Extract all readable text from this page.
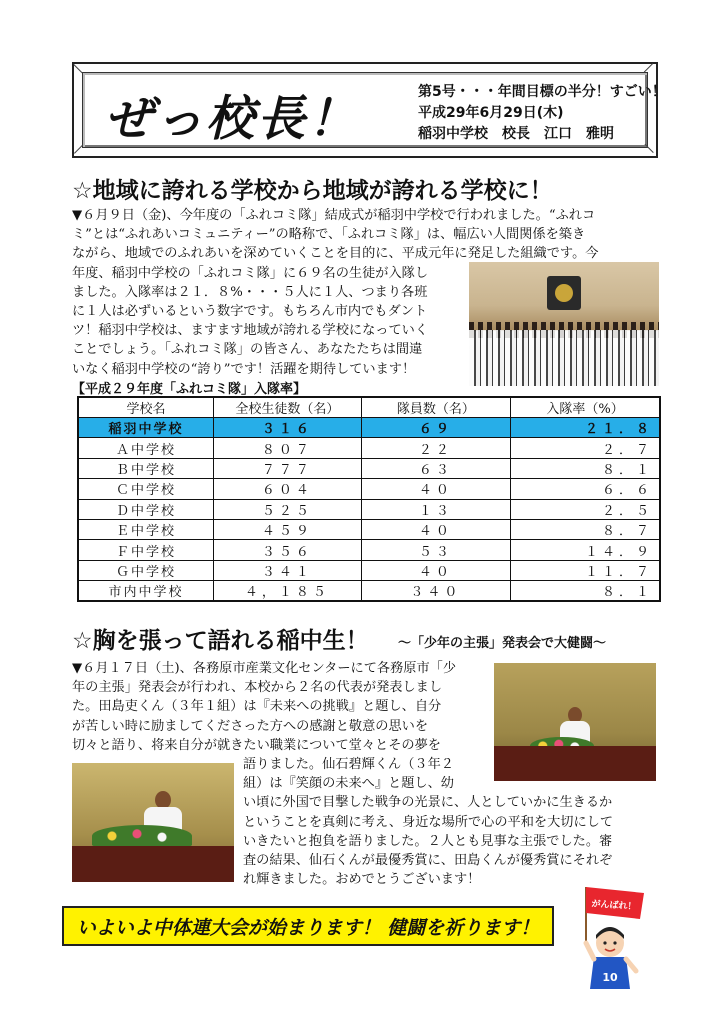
ぜっ校長！	第5号・・・年間目標の半分！すごい！
平成29年6月29日(木)
稲羽中学校　校長　江口　雅明
☆地域に誇れる学校から地域が誇れる学校に！
▼６月９日（金)、今年度の「ふれコミ隊」結成式が稲羽中学校で行われました。“ふれコ
ミ”とは“ふれあいコミュニティー”の略称で、「ふれコミ隊」は、幅広い人間関係を築き
ながら、地域でのふれあいを深めていくことを目的に、平成元年に発足した組織です。今
年度、稲羽中学校の「ふれコミ隊」に６９名の生徒が入隊し
ました。入隊率は２１．８%・・・５人に１人、つまり各班
に１人は必ずいるという数字です。もちろん市内でもダント
ツ！稲羽中学校は、ますます地域が誇れる学校になっていく
ことでしょう。「ふれコミ隊」の皆さん、あなたたちは間違
いなく稲羽中学校の“誇り”です！活躍を期待しています！
【平成２９年度「ふれコミ隊」入隊率】
学校名	全校生徒数（名）	隊員数（名）	入隊率（%）
稲羽中学校	３１６	６９	２１．８
Ａ中学校	８０７	２２	２．７
Ｂ中学校	７７７	６３	８．１
Ｃ中学校	６０４	４０	６．６
Ｄ中学校	５２５	１３	２．５
Ｅ中学校	４５９	４０	８．７
Ｆ中学校	３５６	５３	１４．９
Ｇ中学校	３４１	４０	１１．７
市内中学校	４，１８５	３４０	８．１
☆胸を張って語れる稲中生！ ～「少年の主張」発表会で大健闘～
▼６月１７日（土)、各務原市産業文化センターにて各務原市「少
年の主張」発表会が行われ、本校から２名の代表が発表しまし
た。田島吏くん（３年１組）は『未来への挑戦』と題し、自分
が苦しい時に励ましてくださった方への感謝と敬意の思いを
切々と語り、将来自分が就きたい職業について堂々とその夢を
語りました。仙石碧輝くん（３年２
組）は『笑顔の未来へ』と題し、幼
い頃に外国で目撃した戦争の光景に、人としていかに生きるか
ということを真剣に考え、身近な場所で心の平和を大切にして
いきたいと抱負を語りました。２人とも見事な主張でした。審
査の結果、仙石くんが最優秀賞に、田島くんが優秀賞にそれぞ
れ輝きました。おめでとうございます！
いよいよ中体連大会が始まります！ 健闘を祈ります！
がんばれ！
10
